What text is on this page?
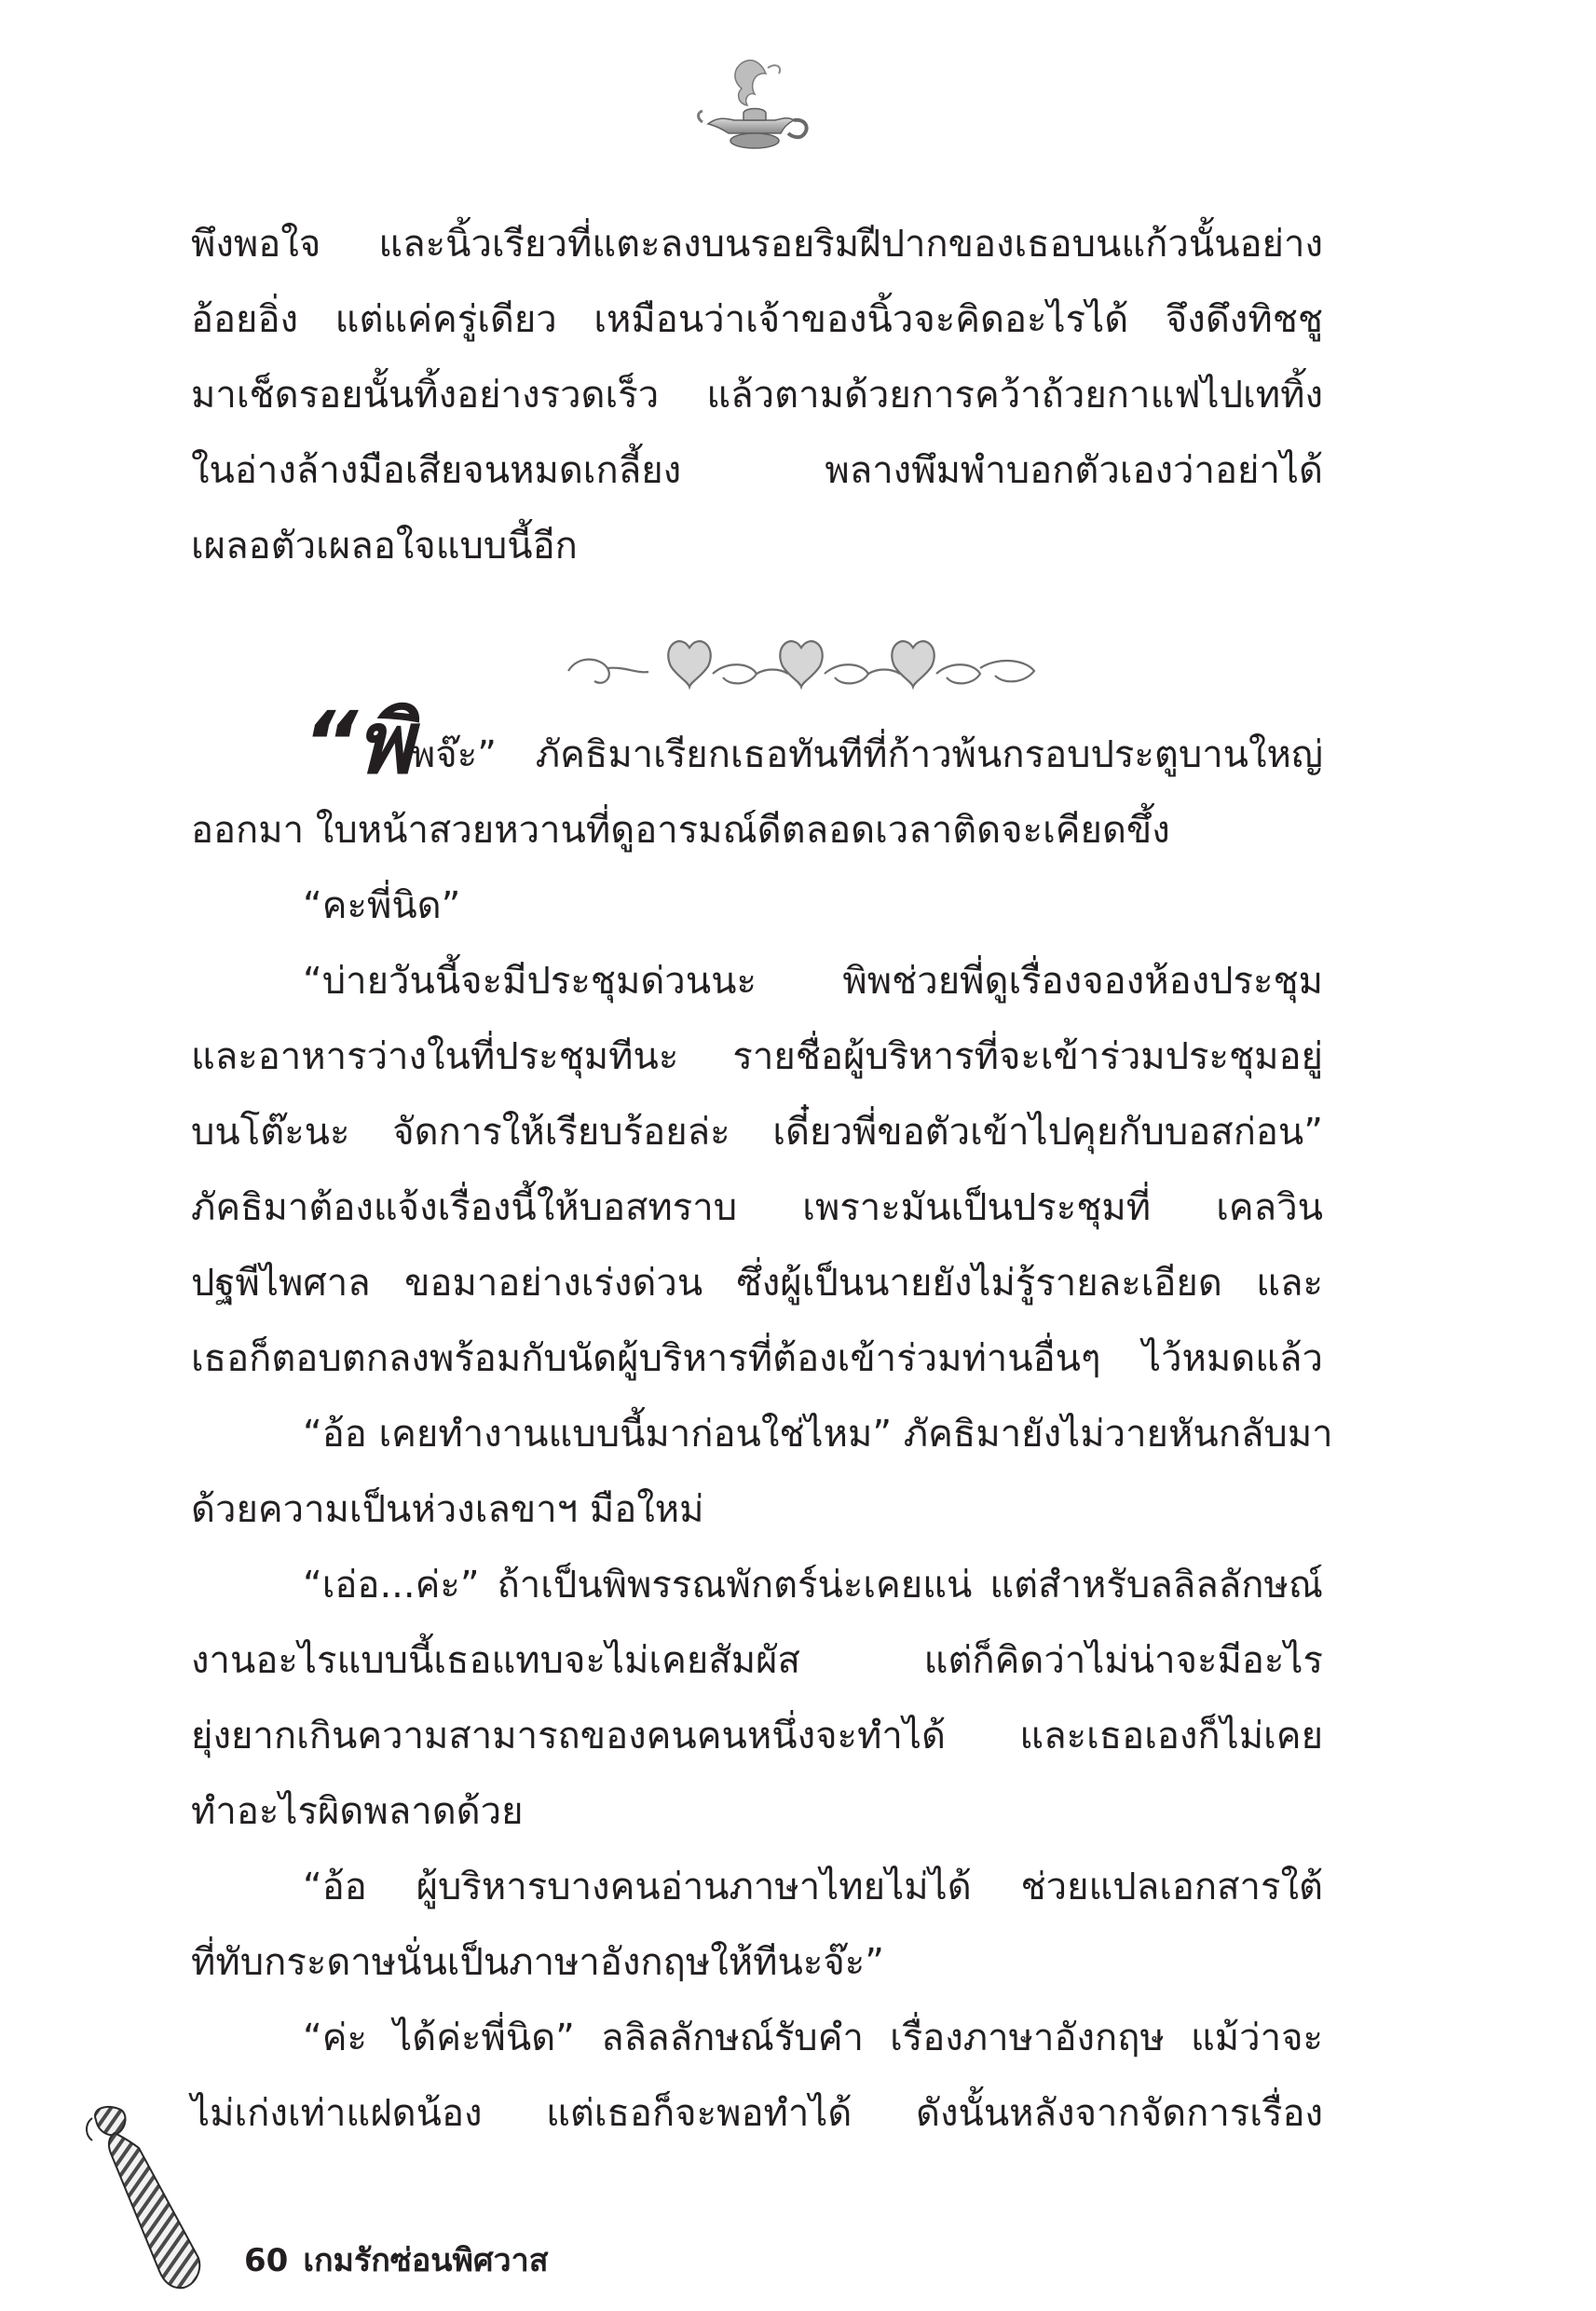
พึงพอใจ และนิ้วเรียวที่แตะลงบนรอยริมฝีปากของเธอบนแก้วนั้นอย่าง
อ้อยอิ่ง แต่แค่ครู่เดียว เหมือนว่าเจ้าของนิ้วจะคิดอะไรได้ จึงดึงทิชชู
มาเช็ดรอยนั้นทิ้งอย่างรวดเร็ว แล้วตามด้วยการคว้าถ้วยกาแฟไปเททิ้ง
ในอ่างล้างมือเสียจนหมดเกลี้ยง พลางพึมพำบอกตัวเองว่าอย่าได้
เผลอตัวเผลอใจแบบนี้อีก
“พิพจ๊ะ” ภัคธิมาเรียกเธอทันทีที่ก้าวพ้นกรอบประตูบานใหญ่
ออกมา ใบหน้าสวยหวานที่ดูอารมณ์ดีตลอดเวลาติดจะเคียดขึ้ง
“คะพี่นิด”
“บ่ายวันนี้จะมีประชุมด่วนนะ พิพช่วยพี่ดูเรื่องจองห้องประชุม
และอาหารว่างในที่ประชุมทีนะ รายชื่อผู้บริหารที่จะเข้าร่วมประชุมอยู่
บนโต๊ะนะ จัดการให้เรียบร้อยล่ะ เดี๋ยวพี่ขอตัวเข้าไปคุยกับบอสก่อน”
ภัคธิมาต้องแจ้งเรื่องนี้ให้บอสทราบ เพราะมันเป็นประชุมที่ เคลวิน
ปฐพีไพศาล ขอมาอย่างเร่งด่วน ซึ่งผู้เป็นนายยังไม่รู้รายละเอียด และ
เธอก็ตอบตกลงพร้อมกับนัดผู้บริหารที่ต้องเข้าร่วมท่านอื่นๆ ไว้หมดแล้ว
“อ้อ เคยทำงานแบบนี้มาก่อนใช่ไหม” ภัคธิมายังไม่วายหันกลับมา
ด้วยความเป็นห่วงเลขาฯ มือใหม่
“เอ่อ...ค่ะ” ถ้าเป็นพิพรรณพักตร์น่ะเคยแน่ แต่สำหรับลลิลลักษณ์
งานอะไรแบบนี้เธอแทบจะไม่เคยสัมผัส แต่ก็คิดว่าไม่น่าจะมีอะไร
ยุ่งยากเกินความสามารถของคนคนหนึ่งจะทำได้ และเธอเองก็ไม่เคย
ทำอะไรผิดพลาดด้วย
“อ้อ ผู้บริหารบางคนอ่านภาษาไทยไม่ได้ ช่วยแปลเอกสารใต้
ที่ทับกระดาษนั่นเป็นภาษาอังกฤษให้ทีนะจ๊ะ”
“ค่ะ ได้ค่ะพี่นิด” ลลิลลักษณ์รับคำ เรื่องภาษาอังกฤษ แม้ว่าจะ
ไม่เก่งเท่าแฝดน้อง แต่เธอก็จะพอทำได้ ดังนั้นหลังจากจัดการเรื่อง
60 เกมรักซ่อนพิศวาส
